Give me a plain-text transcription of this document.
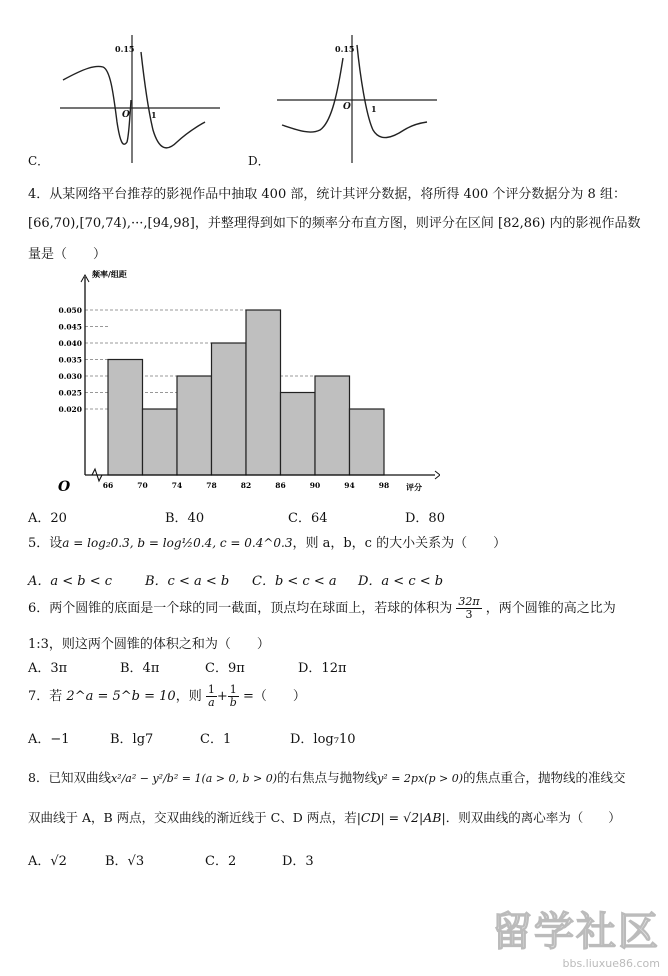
0.15
O	1
C．
0.15
O	1
D．
4．从某网络平台推荐的影视作品中抽取 400 部，统计其评分数据，将所得 400 个评分数据分为 8 组：
[66,70),[70,74),···,[94,98]，并整理得到如下的频率分布直方图，则评分在区间 [82,86) 内的影视作品数
量是（　　）
0.050
0.045
0.040
0.035
0.030
0.025
0.020
66	70	74	78	82	86	90	94	98 评分
频率/组距
O
A．20	B．40	C．64	D．80
5．设a = log₂0.3, b = log½0.4, c = 0.4^0.3，则 a，b，c 的大小关系为（　　）
A．a < b < c	B．c < a < b C．b < c < a D．a < c < b
6．两个圆锥的底面是一个球的同一截面，顶点均在球面上，若球的体积为 $\frac{32\pi}{3}$ ，两个圆锥的高之比为
1:3，则这两个圆锥的体积之和为（　　）
A．3π	B．4π	C．9π	D．12π
7．若 2^a = 5^b = 10，则 $\frac{1}{a} + \frac{1}{b}$ =（　　）
A．−1	B．lg7	C．1	D．log₇10
8．已知双曲线x²/a² − y²/b² = 1(a > 0, b > 0)的右焦点与抛物线y² = 2px(p > 0)的焦点重合，抛物线的准线交
双曲线于 A，B 两点，交双曲线的渐近线于 C、D 两点，若|CD| = √2|AB|．则双曲线的离心率为（　　）
A．√2	B．√3	C．2	D．3
留学社区
bbs.liuxue86.com
